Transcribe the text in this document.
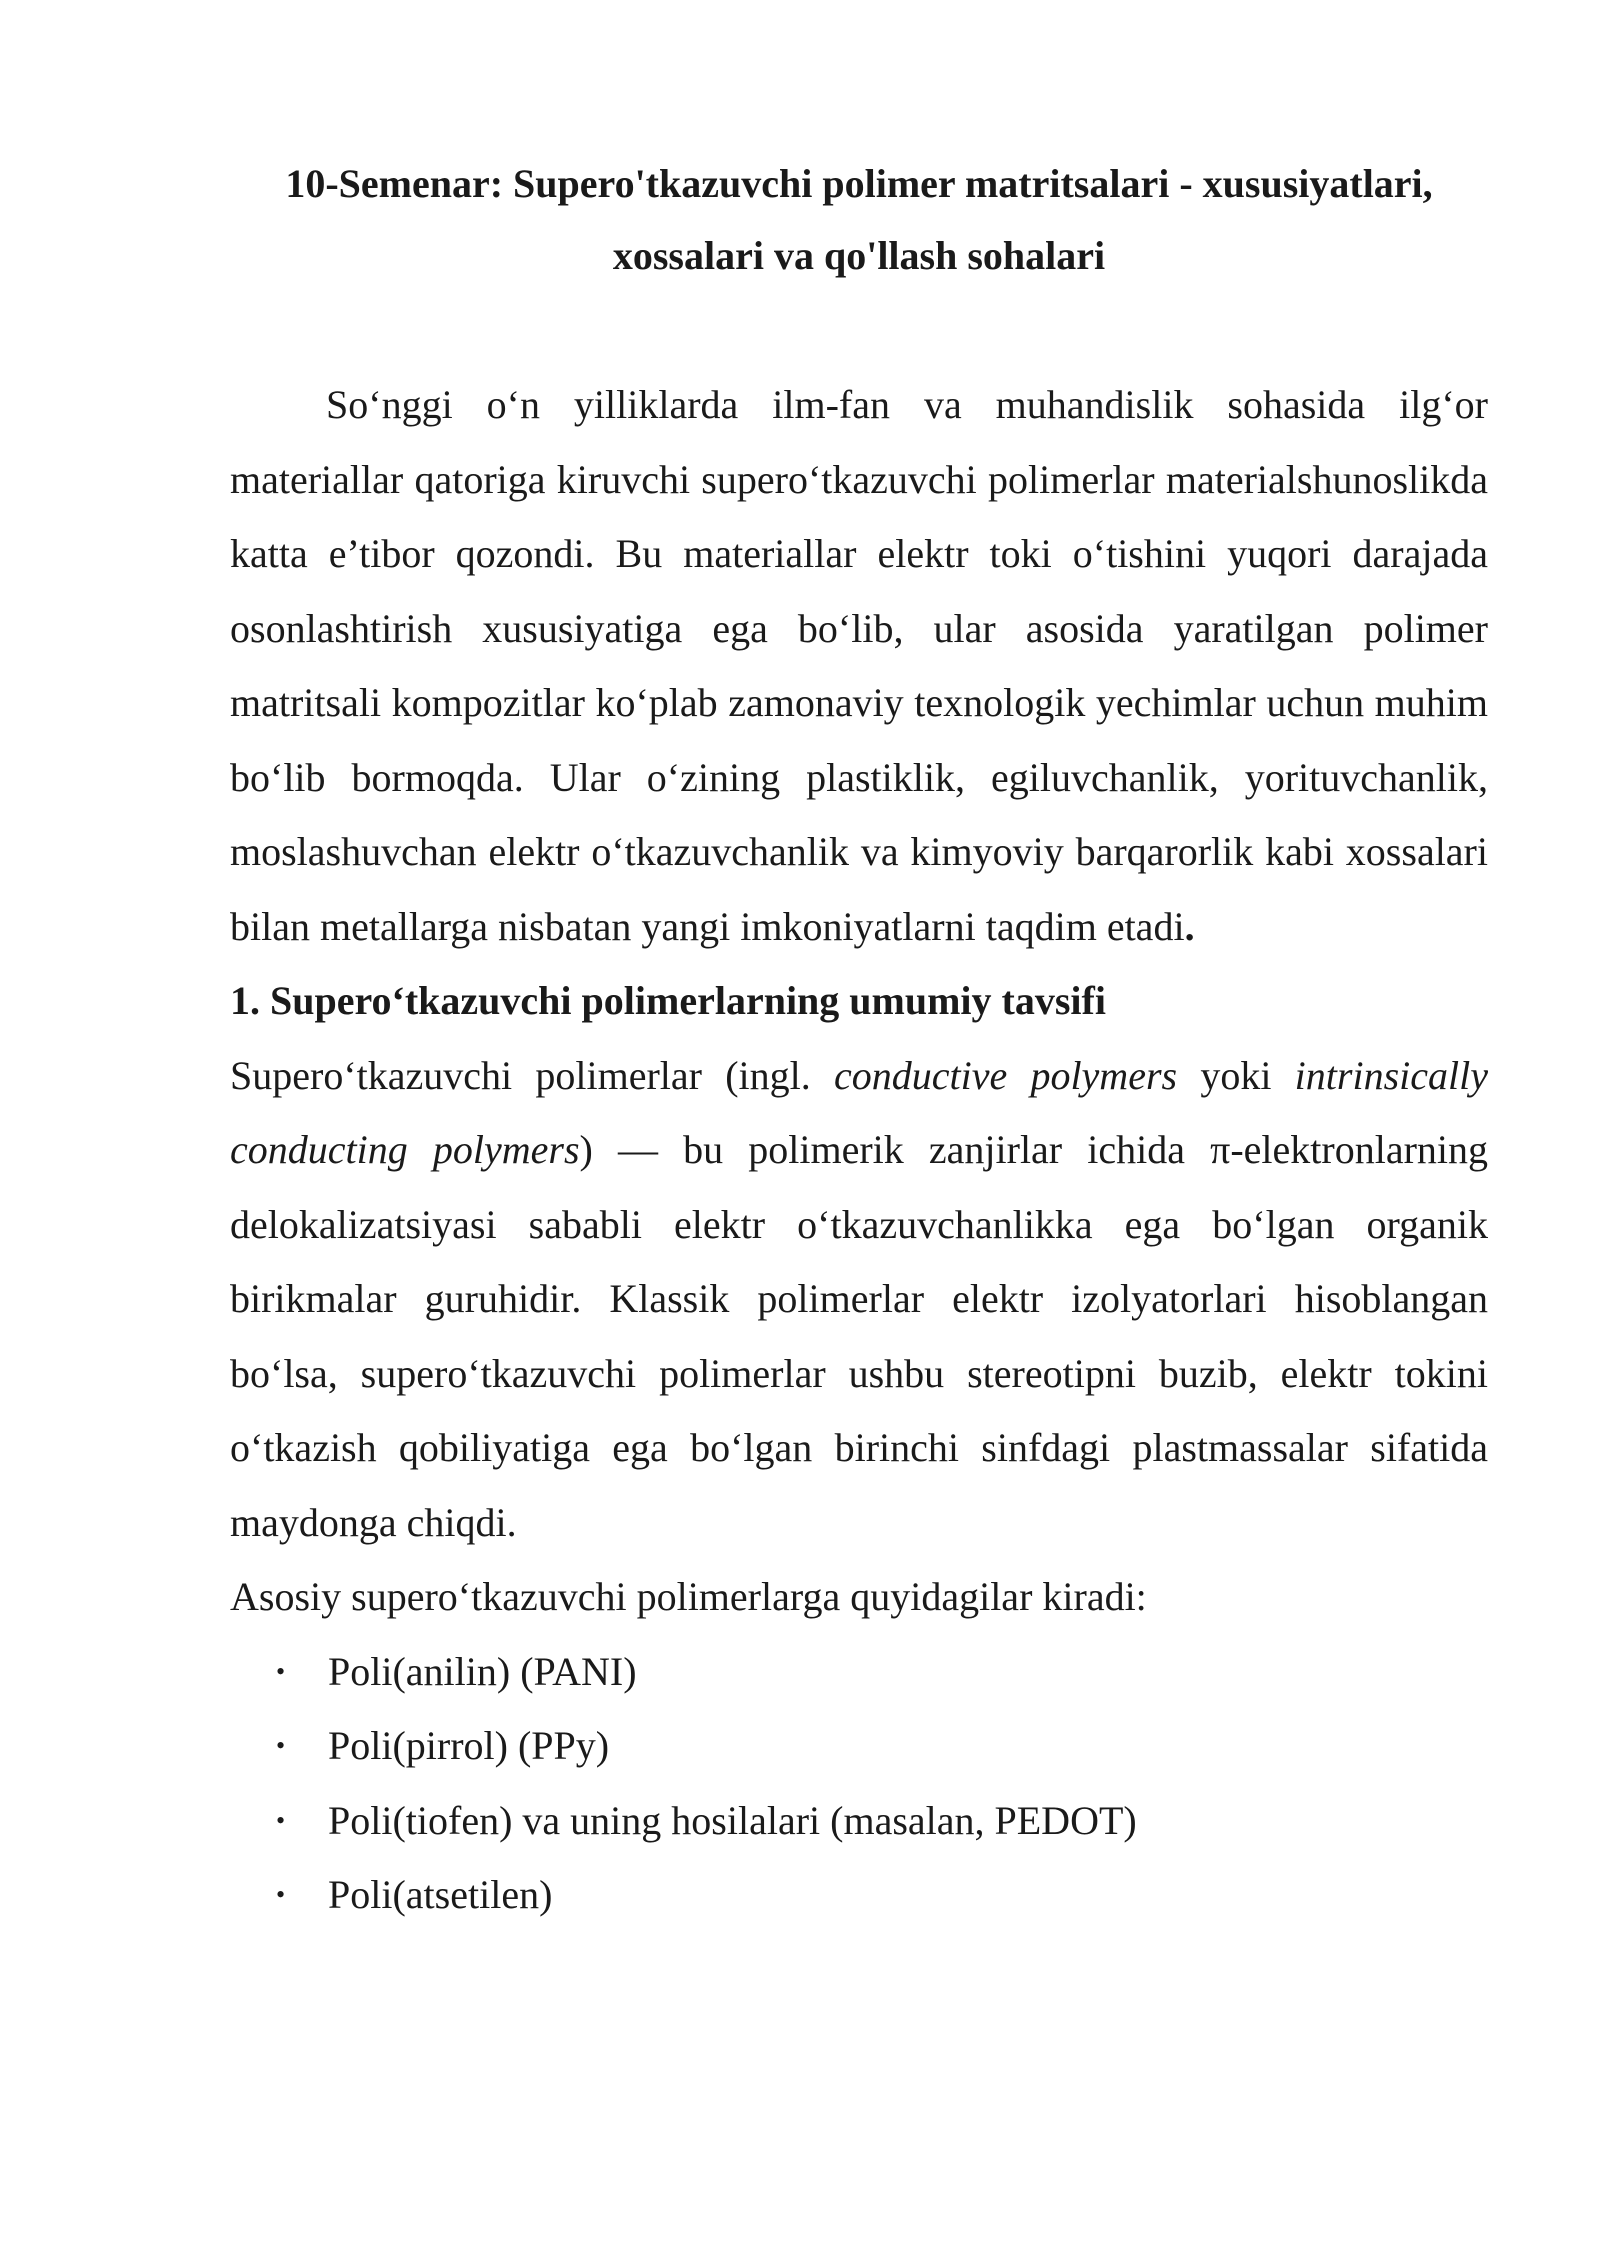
10-Semenar: Supero'tkazuvchi polimer matritsalari - xususiyatlari,
xossalari va qo'llash sohalari

So‘nggi o‘n yilliklarda ilm-fan va muhandislik sohasida ilg‘or materiallar qatoriga kiruvchi supero‘tkazuvchi polimerlar materialshunoslikda katta e’tibor qozondi. Bu materiallar elektr toki o‘tishini yuqori darajada osonlashtirish xususiyatiga ega bo‘lib, ular asosida yaratilgan polimer matritsali kompozitlar ko‘plab zamonaviy texnologik yechimlar uchun muhim bo‘lib bormoqda. Ular o‘zining plastiklik, egiluvchanlik, yorituvchanlik, moslashuvchan elektr o‘tkazuvchanlik va kimyoviy barqarorlik kabi xossalari bilan metallarga nisbatan yangi imkoniyatlarni taqdim etadi.

1. Supero‘tkazuvchi polimerlarning umumiy tavsifi

Supero‘tkazuvchi polimerlar (ingl. conductive polymers yoki intrinsically conducting polymers) — bu polimerik zanjirlar ichida π-elektronlarning delokalizatsiyasi sababli elektr o‘tkazuvchanlikka ega bo‘lgan organik birikmalar guruhidir. Klassik polimerlar elektr izolyatorlari hisoblangan bo‘lsa, supero‘tkazuvchi polimerlar ushbu stereotipni buzib, elektr tokini o‘tkazish qobiliyatiga ega bo‘lgan birinchi sinfdagi plastmassalar sifatida maydonga chiqdi.

Asosiy supero‘tkazuvchi polimerlarga quyidagilar kiradi:

• Poli(anilin) (PANI)
• Poli(pirrol) (PPy)
• Poli(tiofen) va uning hosilalari (masalan, PEDOT)
• Poli(atsetilen)
